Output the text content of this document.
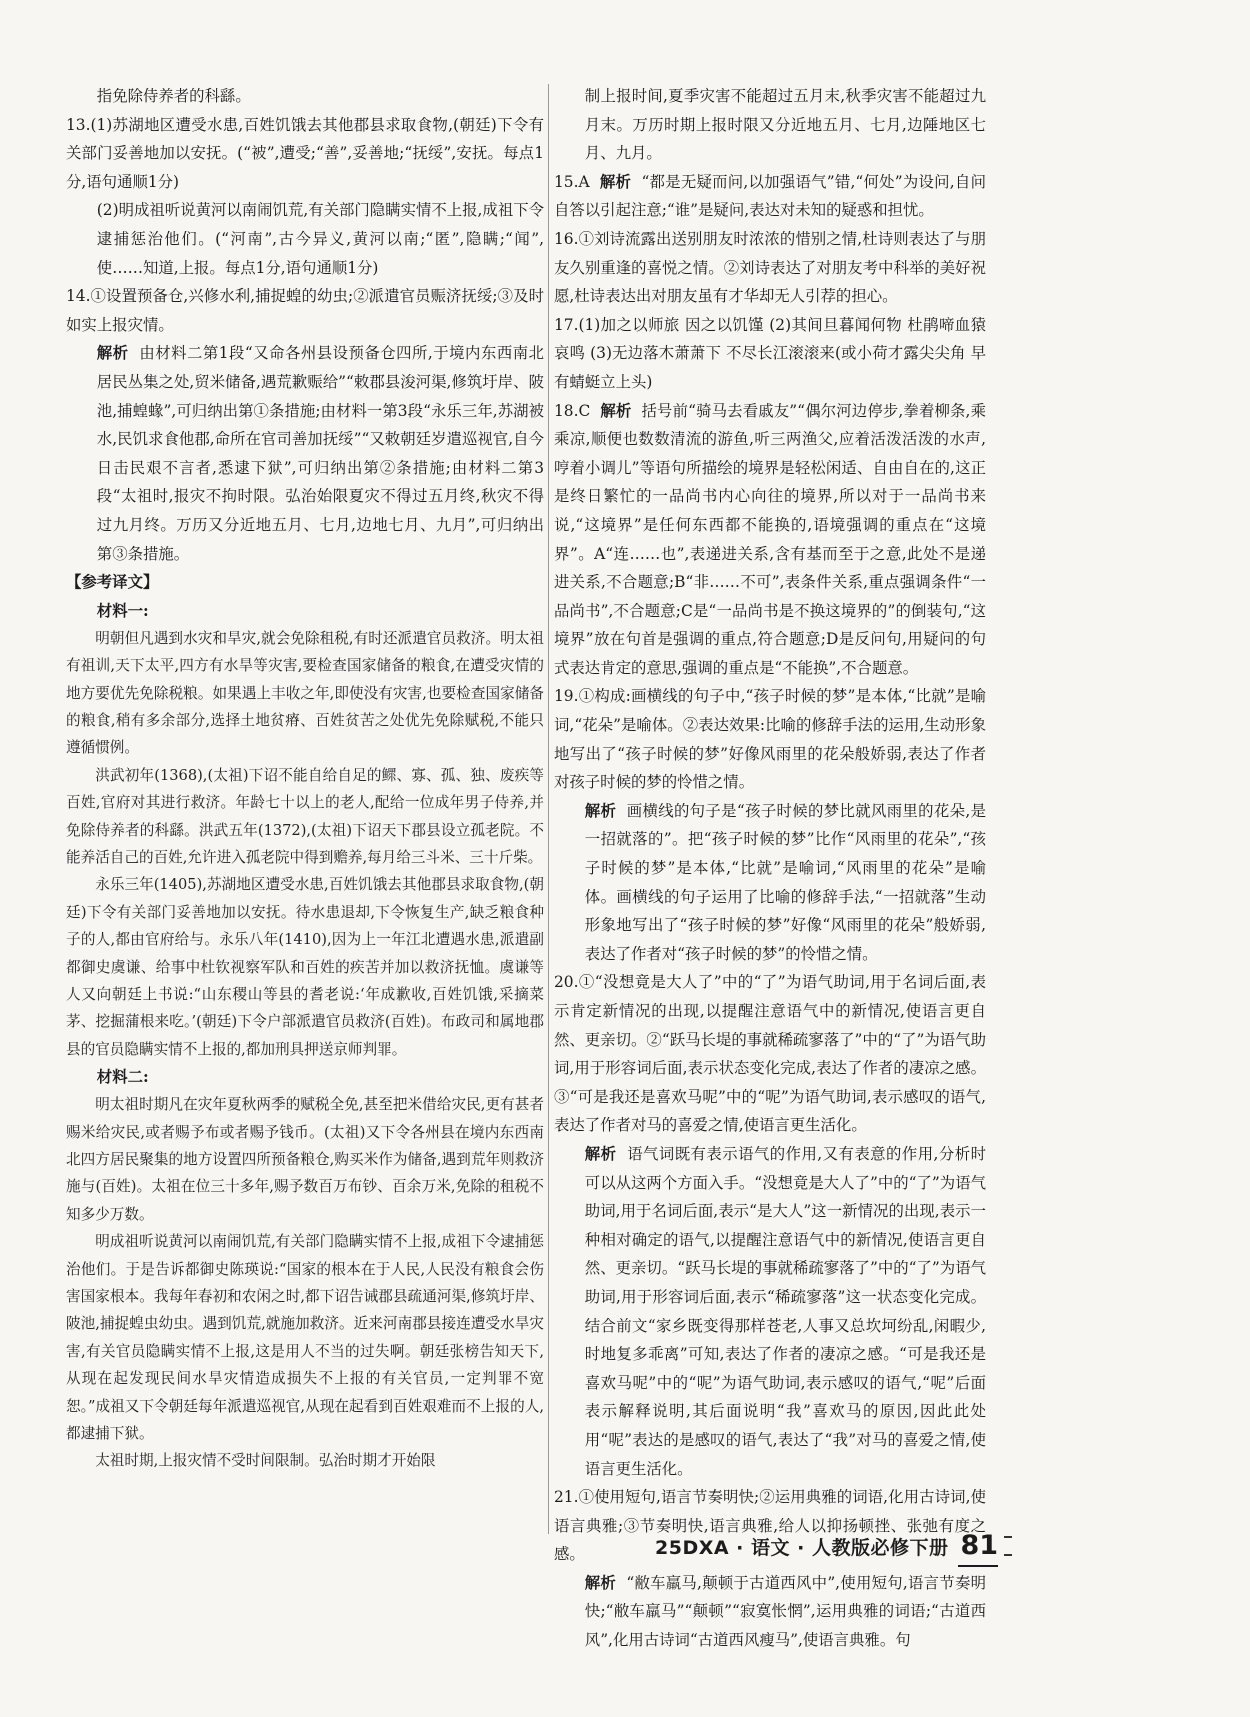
指免除侍养者的科繇。

13.(1)苏湖地区遭受水患,百姓饥饿去其他郡县求取食物,(朝廷)下令有关部门妥善地加以安抚。(“被”,遭受;“善”,妥善地;“抚绥”,安抚。每点1分,语句通顺1分)

(2)明成祖听说黄河以南闹饥荒,有关部门隐瞒实情不上报,成祖下令逮捕惩治他们。(“河南”,古今异义,黄河以南;“匿”,隐瞒;“闻”,使……知道,上报。每点1分,语句通顺1分)

14.①设置预备仓,兴修水利,捕捉蝗的幼虫;②派遣官员赈济抚绥;③及时如实上报灾情。

解析 由材料二第1段“又命各州县设预备仓四所,于境内东西南北居民丛集之处,贸米储备,遇荒歉赈给”“敕郡县浚河渠,修筑圩岸、陂池,捕蝗蝝”,可归纳出第①条措施;由材料一第3段“永乐三年,苏湖被水,民饥求食他郡,命所在官司善加抚绥”“又敕朝廷岁遣巡视官,自今日击民艰不言者,悉逮下狱”,可归纳出第②条措施;由材料二第3段“太祖时,报灾不拘时限。弘治始限夏灾不得过五月终,秋灾不得过九月终。万历又分近地五月、七月,边地七月、九月”,可归纳出第③条措施。

【参考译文】

材料一:

明朝但凡遇到水灾和旱灾,就会免除租税,有时还派遣官员救济。明太祖有祖训,天下太平,四方有水旱等灾害,要检查国家储备的粮食,在遭受灾情的地方要优先免除税粮。如果遇上丰收之年,即使没有灾害,也要检查国家储备的粮食,稍有多余部分,选择土地贫瘠、百姓贫苦之处优先免除赋税,不能只遵循惯例。

洪武初年(1368),(太祖)下诏不能自给自足的鳏、寡、孤、独、废疾等百姓,官府对其进行救济。年龄七十以上的老人,配给一位成年男子侍养,并免除侍养者的科繇。洪武五年(1372),(太祖)下诏天下郡县设立孤老院。不能养活自己的百姓,允许进入孤老院中得到赡养,每月给三斗米、三十斤柴。

永乐三年(1405),苏湖地区遭受水患,百姓饥饿去其他郡县求取食物,(朝廷)下令有关部门妥善地加以安抚。待水患退却,下令恢复生产,缺乏粮食种子的人,都由官府给与。永乐八年(1410),因为上一年江北遭遇水患,派遣副都御史虞谦、给事中杜钦视察军队和百姓的疾苦并加以救济抚恤。虞谦等人又向朝廷上书说:“山东稷山等县的耆老说:‘年成歉收,百姓饥饿,采摘菜茅、挖掘蒲根来吃。’(朝廷)下令户部派遣官员救济(百姓)。布政司和属地郡县的官员隐瞒实情不上报的,都加刑具押送京师判罪。

材料二:

明太祖时期凡在灾年夏秋两季的赋税全免,甚至把米借给灾民,更有甚者赐米给灾民,或者赐予布或者赐予钱币。(太祖)又下令各州县在境内东西南北四方居民聚集的地方设置四所预备粮仓,购买米作为储备,遇到荒年则救济施与(百姓)。太祖在位三十多年,赐予数百万布钞、百余万米,免除的租税不知多少万数。

明成祖听说黄河以南闹饥荒,有关部门隐瞒实情不上报,成祖下令逮捕惩治他们。于是告诉都御史陈瑛说:“国家的根本在于人民,人民没有粮食会伤害国家根本。我每年春初和农闲之时,都下诏告诫郡县疏通河渠,修筑圩岸、陂池,捕捉蝗虫幼虫。遇到饥荒,就施加救济。近来河南郡县接连遭受水旱灾害,有关官员隐瞒实情不上报,这是用人不当的过失啊。朝廷张榜告知天下,从现在起发现民间水旱灾情造成损失不上报的有关官员,一定判罪不宽恕。”成祖又下令朝廷每年派遣巡视官,从现在起看到百姓艰难而不上报的人,都逮捕下狱。

太祖时期,上报灾情不受时间限制。弘治时期才开始限

制上报时间,夏季灾害不能超过五月末,秋季灾害不能超过九月末。万历时期上报时限又分近地五月、七月,边陲地区七月、九月。

15.A 解析 “都是无疑而问,以加强语气”错,“何处”为设问,自问自答以引起注意;“谁”是疑问,表达对未知的疑惑和担忧。

16.①刘诗流露出送别朋友时浓浓的惜别之情,杜诗则表达了与朋友久别重逢的喜悦之情。②刘诗表达了对朋友考中科举的美好祝愿,杜诗表达出对朋友虽有才华却无人引荐的担心。

17.(1)加之以师旅 因之以饥馑 (2)其间旦暮闻何物 杜鹃啼血猿哀鸣 (3)无边落木萧萧下 不尽长江滚滚来(或小荷才露尖尖角 早有蜻蜓立上头)

18.C 解析 括号前“骑马去看戚友”“偶尔河边停步,拳着柳条,乘乘凉,顺便也数数清流的游鱼,听三两渔父,应着活泼活泼的水声,哼着小调儿”等语句所描绘的境界是轻松闲适、自由自在的,这正是终日繁忙的一品尚书内心向往的境界,所以对于一品尚书来说,“这境界”是任何东西都不能换的,语境强调的重点在“这境界”。A“连……也”,表递进关系,含有基而至于之意,此处不是递进关系,不合题意;B“非……不可”,表条件关系,重点强调条件“一品尚书”,不合题意;C是“一品尚书是不换这境界的”的倒装句,“这境界”放在句首是强调的重点,符合题意;D是反问句,用疑问的句式表达肯定的意思,强调的重点是“不能换”,不合题意。

19.①构成:画横线的句子中,“孩子时候的梦”是本体,“比就”是喻词,“花朵”是喻体。②表达效果:比喻的修辞手法的运用,生动形象地写出了“孩子时候的梦”好像风雨里的花朵般娇弱,表达了作者对孩子时候的梦的怜惜之情。

解析 画横线的句子是“孩子时候的梦比就风雨里的花朵,是一招就落的”。把“孩子时候的梦”比作“风雨里的花朵”,“孩子时候的梦”是本体,“比就”是喻词,“风雨里的花朵”是喻体。画横线的句子运用了比喻的修辞手法,“一招就落”生动形象地写出了“孩子时候的梦”好像“风雨里的花朵”般娇弱,表达了作者对“孩子时候的梦”的怜惜之情。

20.①“没想竟是大人了”中的“了”为语气助词,用于名词后面,表示肯定新情况的出现,以提醒注意语气中的新情况,使语言更自然、更亲切。②“跃马长堤的事就稀疏寥落了”中的“了”为语气助词,用于形容词后面,表示状态变化完成,表达了作者的凄凉之感。③“可是我还是喜欢马呢”中的“呢”为语气助词,表示感叹的语气,表达了作者对马的喜爱之情,使语言更生活化。

解析 语气词既有表示语气的作用,又有表意的作用,分析时可以从这两个方面入手。“没想竟是大人了”中的“了”为语气助词,用于名词后面,表示“是大人”这一新情况的出现,表示一种相对确定的语气,以提醒注意语气中的新情况,使语言更自然、更亲切。“跃马长堤的事就稀疏寥落了”中的“了”为语气助词,用于形容词后面,表示“稀疏寥落”这一状态变化完成。结合前文“家乡既变得那样苍老,人事又总坎坷纷乱,闲暇少,时地复多乖离”可知,表达了作者的凄凉之感。“可是我还是喜欢马呢”中的“呢”为语气助词,表示感叹的语气,“呢”后面表示解释说明,其后面说明“我”喜欢马的原因,因此此处用“呢”表达的是感叹的语气,表达了“我”对马的喜爱之情,使语言更生活化。

21.①使用短句,语言节奏明快;②运用典雅的词语,化用古诗词,使语言典雅;③节奏明快,语言典雅,给人以抑扬顿挫、张弛有度之感。

解析 “敝车羸马,颠顿于古道西风中”,使用短句,语言节奏明快;“敝车羸马”“颠顿”“寂寞怅惘”,运用典雅的词语;“古道西风”,化用古诗词“古道西风瘦马”,使语言典雅。句

25DXA · 语文 · 人教版必修下册 81
